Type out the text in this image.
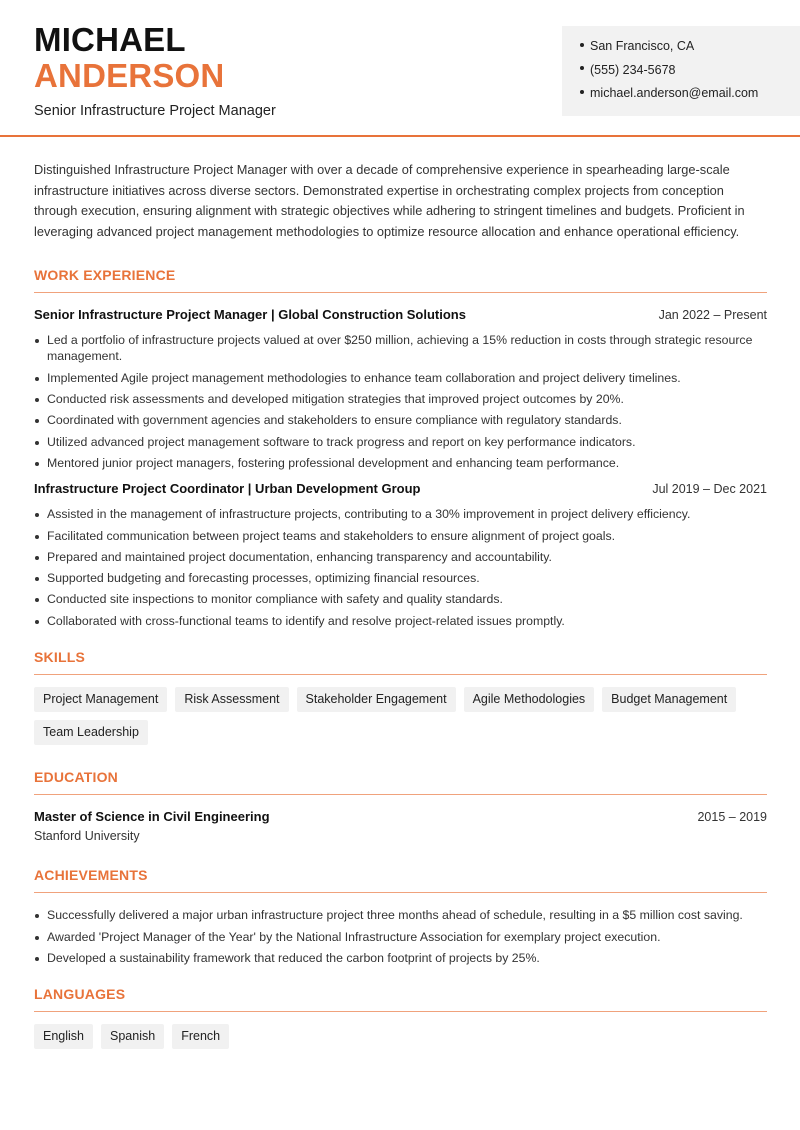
MICHAEL
ANDERSON
Senior Infrastructure Project Manager
San Francisco, CA
(555) 234-5678
michael.anderson@email.com

Distinguished Infrastructure Project Manager with over a decade of comprehensive experience in spearheading large-scale infrastructure initiatives across diverse sectors. Demonstrated expertise in orchestrating complex projects from conception through execution, ensuring alignment with strategic objectives while adhering to stringent timelines and budgets. Proficient in leveraging advanced project management methodologies to optimize resource allocation and enhance operational efficiency.

WORK EXPERIENCE
Senior Infrastructure Project Manager | Global Construction Solutions	Jan 2022 – Present
Led a portfolio of infrastructure projects valued at over $250 million, achieving a 15% reduction in costs through strategic resource management.
Implemented Agile project management methodologies to enhance team collaboration and project delivery timelines.
Conducted risk assessments and developed mitigation strategies that improved project outcomes by 20%.
Coordinated with government agencies and stakeholders to ensure compliance with regulatory standards.
Utilized advanced project management software to track progress and report on key performance indicators.
Mentored junior project managers, fostering professional development and enhancing team performance.
Infrastructure Project Coordinator | Urban Development Group	Jul 2019 – Dec 2021
Assisted in the management of infrastructure projects, contributing to a 30% improvement in project delivery efficiency.
Facilitated communication between project teams and stakeholders to ensure alignment of project goals.
Prepared and maintained project documentation, enhancing transparency and accountability.
Supported budgeting and forecasting processes, optimizing financial resources.
Conducted site inspections to monitor compliance with safety and quality standards.
Collaborated with cross-functional teams to identify and resolve project-related issues promptly.
SKILLS
Project Management	Risk Assessment	Stakeholder Engagement	Agile Methodologies	Budget Management
Team Leadership
EDUCATION
Master of Science in Civil Engineering	2015 – 2019
Stanford University
ACHIEVEMENTS
Successfully delivered a major urban infrastructure project three months ahead of schedule, resulting in a $5 million cost saving.
Awarded 'Project Manager of the Year' by the National Infrastructure Association for exemplary project execution.
Developed a sustainability framework that reduced the carbon footprint of projects by 25%.
LANGUAGES
English	Spanish	French
